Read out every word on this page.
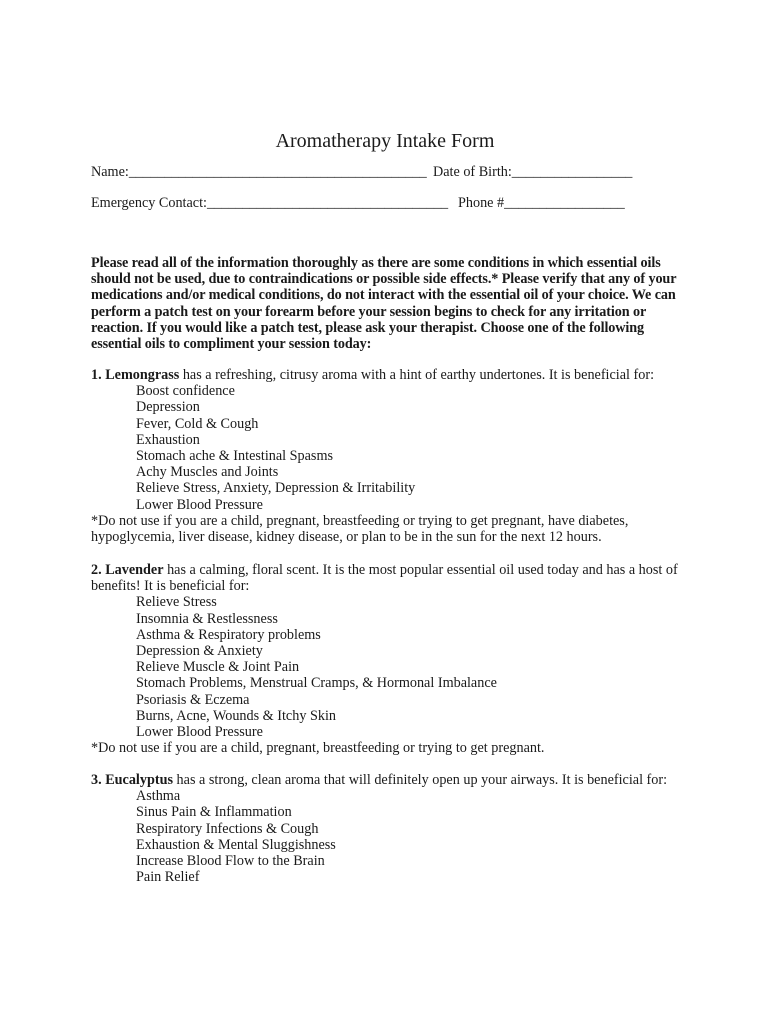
Aromatherapy Intake Form
Name:__________________________________________ Date of Birth:_________________
Emergency Contact:__________________________________ Phone #_________________
Please read all of the information thoroughly as there are some conditions in which essential oils should not be used, due to contraindications or possible side effects.* Please verify that any of your medications and/or medical conditions, do not interact with the essential oil of your choice. We can perform a patch test on your forearm before your session begins to check for any irritation or reaction. If you would like a patch test, please ask your therapist. Choose one of the following essential oils to compliment your session today:

1. Lemongrass has a refreshing, citrusy aroma with a hint of earthy undertones. It is beneficial for:

Boost confidence
Depression
Fever, Cold & Cough
Exhaustion
Stomach ache & Intestinal Spasms
Achy Muscles and Joints
Relieve Stress, Anxiety, Depression & Irritability
Lower Blood Pressure

*Do not use if you are a child, pregnant, breastfeeding or trying to get pregnant, have diabetes, hypoglycemia, liver disease, kidney disease, or plan to be in the sun for the next 12 hours.

2. Lavender has a calming, floral scent. It is the most popular essential oil used today and has a host of benefits! It is beneficial for:

Relieve Stress
Insomnia & Restlessness
Asthma & Respiratory problems
Depression & Anxiety
Relieve Muscle & Joint Pain
Stomach Problems, Menstrual Cramps, & Hormonal Imbalance
Psoriasis & Eczema
Burns, Acne, Wounds & Itchy Skin
Lower Blood Pressure

*Do not use if you are a child, pregnant, breastfeeding or trying to get pregnant.

3. Eucalyptus has a strong, clean aroma that will definitely open up your airways. It is beneficial for:

Asthma
Sinus Pain & Inflammation
Respiratory Infections & Cough
Exhaustion & Mental Sluggishness
Increase Blood Flow to the Brain
Pain Relief
